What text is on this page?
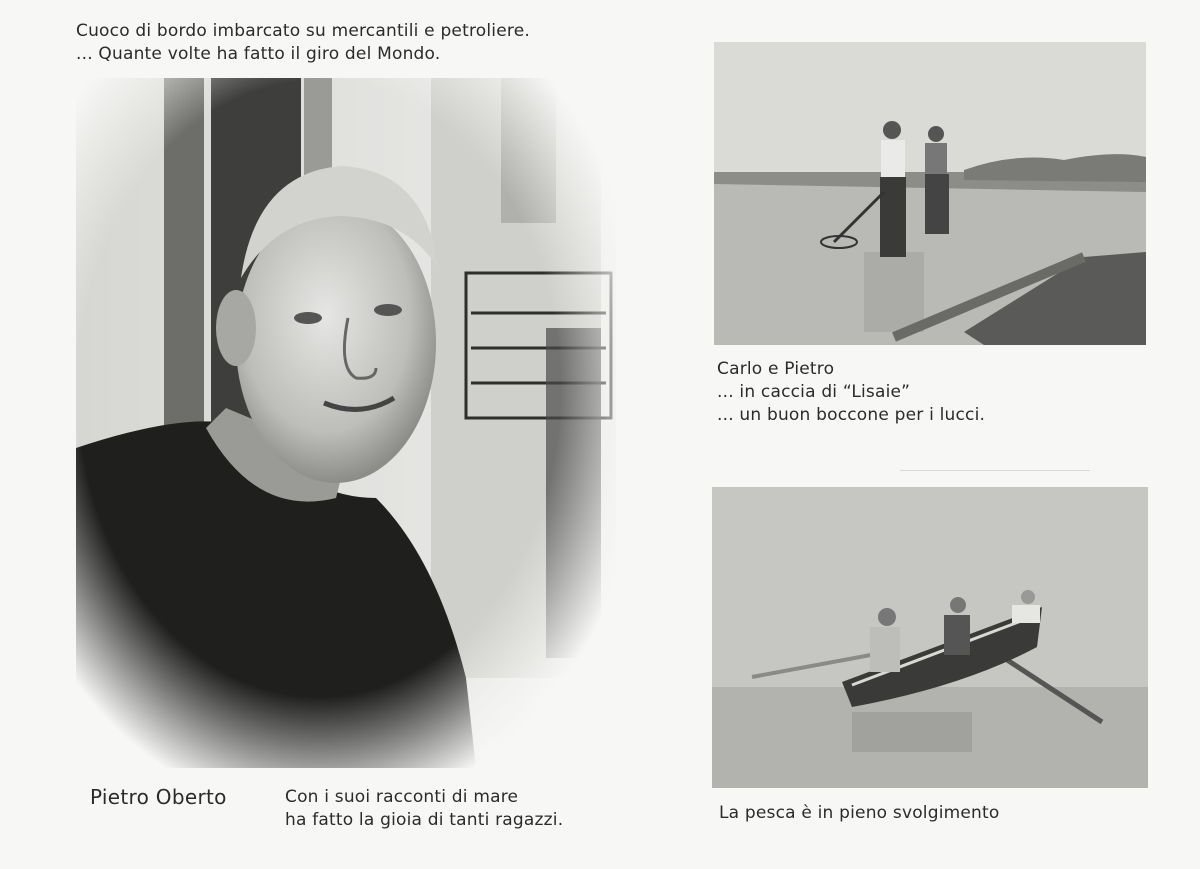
Cuoco di bordo imbarcato su mercantili e petroliere.
... Quante volte ha fatto il giro del Mondo.
Pietro Oberto	Con i suoi racconti di mare
ha fatto la gioia di tanti ragazzi.
Carlo e Pietro
... in caccia di “Lisaie”
... un buon boccone per i lucci.
La pesca è in pieno svolgimento
